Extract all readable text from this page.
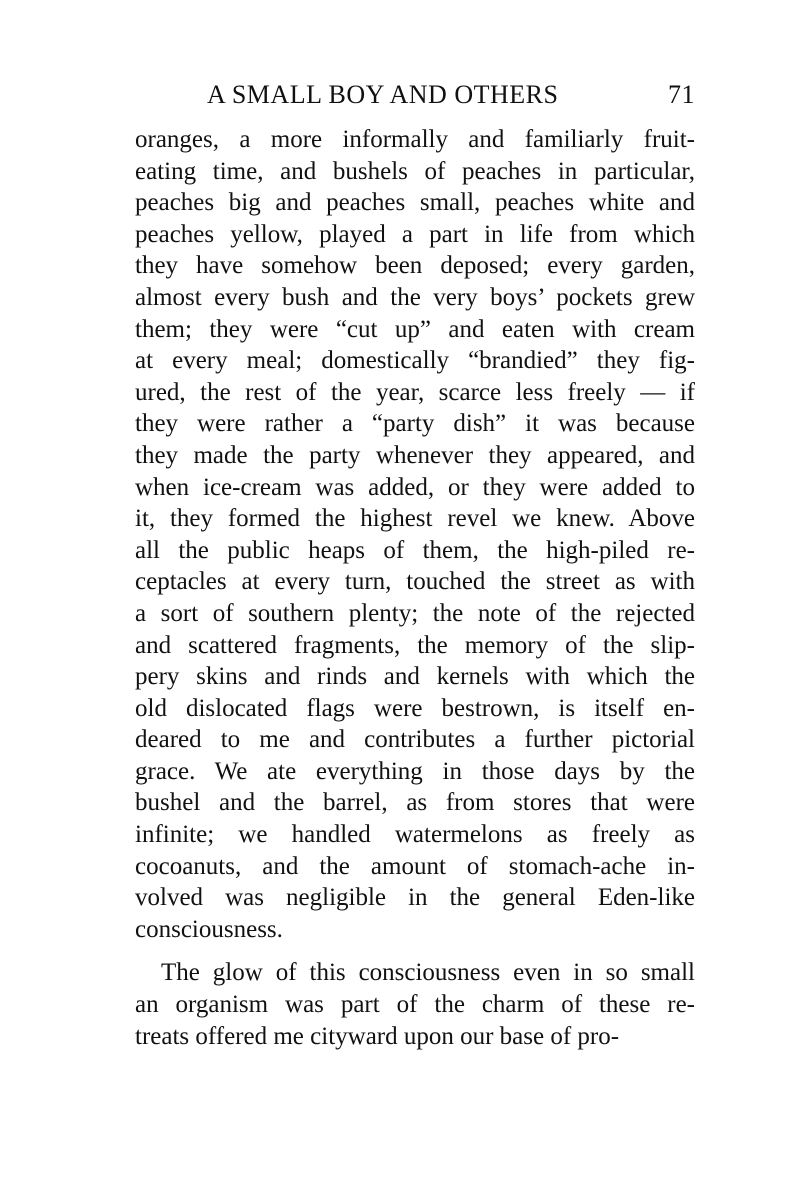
A SMALL BOY AND OTHERS	71
oranges, a more informally and familiarly fruit-
eating time, and bushels of peaches in particular,
peaches big and peaches small, peaches white and
peaches yellow, played a part in life from which
they have somehow been deposed; every garden,
almost every bush and the very boys’ pockets grew
them; they were “cut up” and eaten with cream
at every meal; domestically “brandied” they fig-
ured, the rest of the year, scarce less freely — if
they were rather a “party dish” it was because
they made the party whenever they appeared, and
when ice-cream was added, or they were added to
it, they formed the highest revel we knew. Above
all the public heaps of them, the high-piled re-
ceptacles at every turn, touched the street as with
a sort of southern plenty; the note of the rejected
and scattered fragments, the memory of the slip-
pery skins and rinds and kernels with which the
old dislocated flags were bestrown, is itself en-
deared to me and contributes a further pictorial
grace. We ate everything in those days by the
bushel and the barrel, as from stores that were
infinite; we handled watermelons as freely as
cocoanuts, and the amount of stomach-ache in-
volved was negligible in the general Eden-like
consciousness.
The glow of this consciousness even in so small
an organism was part of the charm of these re-
treats offered me cityward upon our base of pro-
